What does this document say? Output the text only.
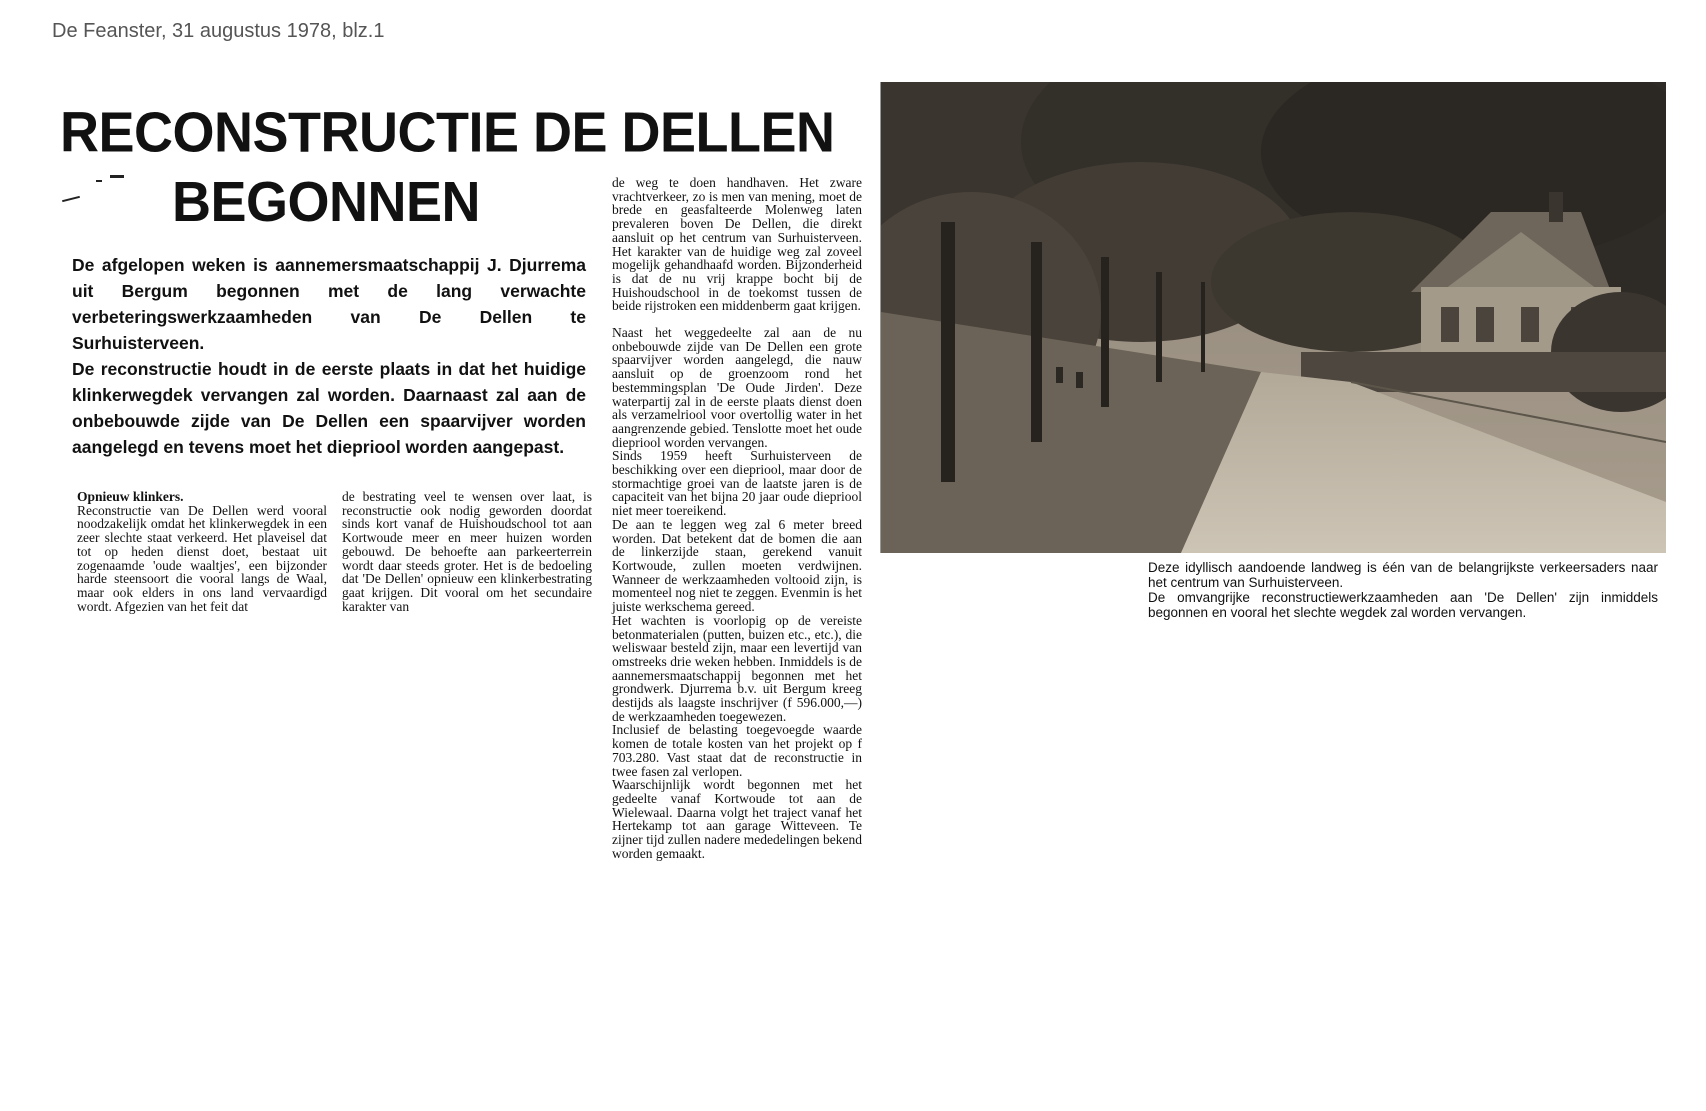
De Feanster, 31 augustus 1978, blz.1
RECONSTRUCTIE DE DELLEN
BEGONNEN

De afgelopen weken is aannemersmaatschappij J. Djurrema uit Bergum begonnen met de lang verwachte verbeteringswerkzaamheden van De Dellen te Surhuisterveen.

De reconstructie houdt in de eerste plaats in dat het huidige klinkerwegdek vervangen zal worden. Daarnaast zal aan de onbebouwde zijde van De Dellen een spaarvijver worden aangelegd en tevens moet het diepriool worden aangepast.

Opnieuw klinkers.

Reconstructie van De Dellen werd vooral noodzakelijk omdat het klinkerwegdek in een zeer slechte staat verkeerd. Het plaveisel dat tot op heden dienst doet, bestaat uit zogenaamde 'oude waaltjes', een bijzonder harde steensoort die vooral langs de Waal, maar ook elders in ons land vervaardigd wordt. Afgezien van het feit dat

de bestrating veel te wensen over laat, is reconstructie ook nodig geworden doordat sinds kort vanaf de Huishoudschool tot aan Kortwoude meer en meer huizen worden gebouwd. De behoefte aan parkeerterrein wordt daar steeds groter. Het is de bedoeling dat 'De Dellen' opnieuw een klinkerbestrating gaat krijgen. Dit vooral om het secundaire karakter van

de weg te doen handhaven. Het zware vrachtverkeer, zo is men van mening, moet de brede en geasfalteerde Molenweg laten prevaleren boven De Dellen, die direkt aansluit op het centrum van Surhuisterveen. Het karakter van de huidige weg zal zoveel mogelijk gehandhaafd worden. Bijzonderheid is dat de nu vrij krappe bocht bij de Huishoudschool in de toekomst tussen de beide rijstroken een middenberm gaat krijgen.

Naast het weggedeelte zal aan de nu onbebouwde zijde van De Dellen een grote spaarvijver worden aangelegd, die nauw aansluit op de groenzoom rond het bestemmingsplan 'De Oude Jirden'. Deze waterpartij zal in de eerste plaats dienst doen als verzamelriool voor overtollig water in het aangrenzende gebied. Tenslotte moet het oude diepriool worden vervangen.

Sinds 1959 heeft Surhuisterveen de beschikking over een diepriool, maar door de stormachtige groei van de laatste jaren is de capaciteit van het bijna 20 jaar oude diepriool niet meer toereikend.

De aan te leggen weg zal 6 meter breed worden. Dat betekent dat de bomen die aan de linkerzijde staan, gerekend vanuit Kortwoude, zullen moeten verdwijnen. Wanneer de werkzaamheden voltooid zijn, is momenteel nog niet te zeggen. Evenmin is het juiste werkschema gereed.

Het wachten is voorlopig op de vereiste betonmaterialen (putten, buizen etc., etc.), die weliswaar besteld zijn, maar een levertijd van omstreeks drie weken hebben. Inmiddels is de aannemersmaatschappij begonnen met het grondwerk. Djurrema b.v. uit Bergum kreeg destijds als laagste inschrijver (f 596.000,—) de werkzaamheden toegewezen.

Inclusief de belasting toegevoegde waarde komen de totale kosten van het projekt op f 703.280. Vast staat dat de reconstructie in twee fasen zal verlopen.

Waarschijnlijk wordt begonnen met het gedeelte vanaf Kortwoude tot aan de Wielewaal. Daarna volgt het traject vanaf het Hertekamp tot aan garage Witteveen. Te zijner tijd zullen nadere mededelingen bekend worden gemaakt.

Deze idyllisch aandoende landweg is één van de belangrijkste verkeersaders naar het centrum van Surhuisterveen.

De omvangrijke reconstructiewerkzaamheden aan 'De Dellen' zijn inmiddels begonnen en vooral het slechte wegdek zal worden vervangen.
